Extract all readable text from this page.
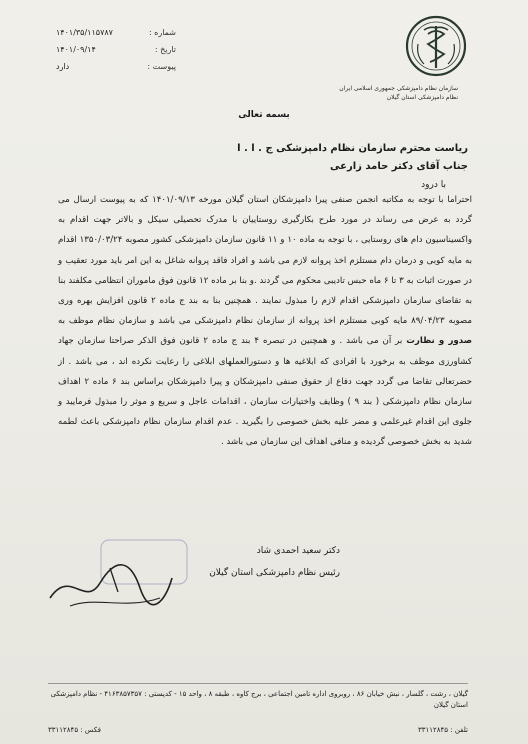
شماره :
۱۴۰۱/۳۵/۱۱۵۷۸۷
تاریخ :
۱۴۰۱/۰۹/۱۴
پیوست :
دارد
سازمان نظام دامپزشکی جمهوری اسلامی ایران
نظام دامپزشکی استان گیلان
بسمه تعالی
ریاست محترم سازمان نظام دامپزشکی ج . ا . ا
جناب آقای دکتر حامد زارعی
با درود
احتراما با توجه به مکاتبه انجمن صنفی پیرا دامپزشکان استان گیلان مورخه ۱۴۰۱/۰۹/۱۳ که به پیوست ارسال می گردد به عرض می رساند در مورد طرح بکارگیری روستاییان با مدرک تحصیلی سیکل و بالاتر جهت اقدام به واکسیناسیون دام های روستایی ، با توجه به ماده ۱۰ و ۱۱ قانون سازمان دامپزشکی کشور مصوبه ۱۳۵۰/۰۳/۲۴ اقدام به مایه کوبی و درمان دام مستلزم اخذ پروانه لازم می باشد و افراد فاقد پروانه شاغل به این امر باید مورد تعقیب و در صورت اثبات به ۳ تا ۶ ماه حبس تادیبی محکوم می گردند .و بنا بر ماده ۱۲ قانون فوق ماموران انتظامی مکلفند بنا به تقاضای سازمان دامپزشکی اقدام لازم را مبذول نمایند . همچنین بنا به بند ج ماده ۲ قانون افزایش بهره وری مصوبه ۸۹/۰۴/۲۳ مایه کوبی مستلزم اخذ پروانه از سازمان نظام دامپزشکی می باشد و سازمان نظام موظف به صدور و نظارت بر آن می باشد . و همچنین در تبصره ۴ بند ج ماده ۲ قانون فوق الذکر صراحتا سازمان جهاد کشاورزی موظف به برخورد با افرادی که ابلاغیه ها و دستورالعملهای ابلاغی را رعایت نکرده اند ، می باشد . از حضرتعالی تقاضا می گردد جهت دفاع از حقوق صنفی دامپزشکان و پیرا دامپزشکان براساس بند ۶ ماده ۲ اهداف سازمان نظام دامپزشکی ( بند ۹ ) وظایف واختیارات سازمان ، اقدامات عاجل و سریع و موثر را مبذول فرمایید و جلوی این اقدام غیرعلمی و مضر علیه بخش خصوصی را بگیرید . عدم اقدام سازمان نظام دامپزشکی باعث لطمه شدید به بخش خصوصی گردیده و منافی اهداف این سازمان می باشد .
دکتر سعید احمدی شاد
رئیس نظام دامپزشکی استان گیلان
گیلان ، رشت ، گلسار ، نبش خیابان ۸۶ ، روبروی اداره تامین اجتماعی ، برج کاوه ، طبقه ۸ ، واحد ۱۵ - کدپستی : ۴۱۶۳۸۵۷۳۵۷ - نظام دامپزشکی استان گیلان
تلفن : ۳۳۱۱۲۸۴۵
فکس : ۳۳۱۱۲۸۴۵
